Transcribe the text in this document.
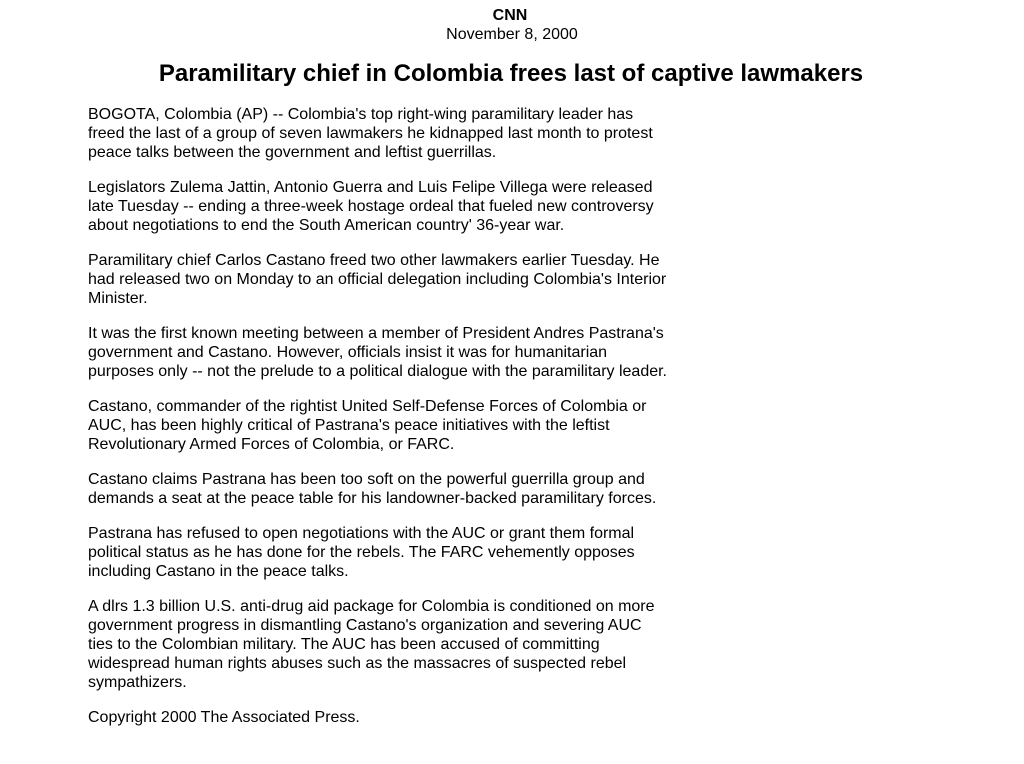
CNN
November 8, 2000
Paramilitary chief in Colombia frees last of captive lawmakers

BOGOTA, Colombia (AP) -- Colombia's top right-wing paramilitary leader has freed the last of a group of seven lawmakers he kidnapped last month to protest peace talks between the government and leftist guerrillas.

Legislators Zulema Jattin, Antonio Guerra and Luis Felipe Villega were released late Tuesday -- ending a three-week hostage ordeal that fueled new controversy about negotiations to end the South American country' 36-year war.

Paramilitary chief Carlos Castano freed two other lawmakers earlier Tuesday. He had released two on Monday to an official delegation including Colombia's Interior Minister.

It was the first known meeting between a member of President Andres Pastrana's government and Castano. However, officials insist it was for humanitarian purposes only -- not the prelude to a political dialogue with the paramilitary leader.

Castano, commander of the rightist United Self-Defense Forces of Colombia or AUC, has been highly critical of Pastrana's peace initiatives with the leftist Revolutionary Armed Forces of Colombia, or FARC.

Castano claims Pastrana has been too soft on the powerful guerrilla group and demands a seat at the peace table for his landowner-backed paramilitary forces.

Pastrana has refused to open negotiations with the AUC or grant them formal political status as he has done for the rebels. The FARC vehemently opposes including Castano in the peace talks.

A dlrs 1.3 billion U.S. anti-drug aid package for Colombia is conditioned on more government progress in dismantling Castano's organization and severing AUC ties to the Colombian military. The AUC has been accused of committing widespread human rights abuses such as the massacres of suspected rebel sympathizers.

Copyright 2000 The Associated Press.
